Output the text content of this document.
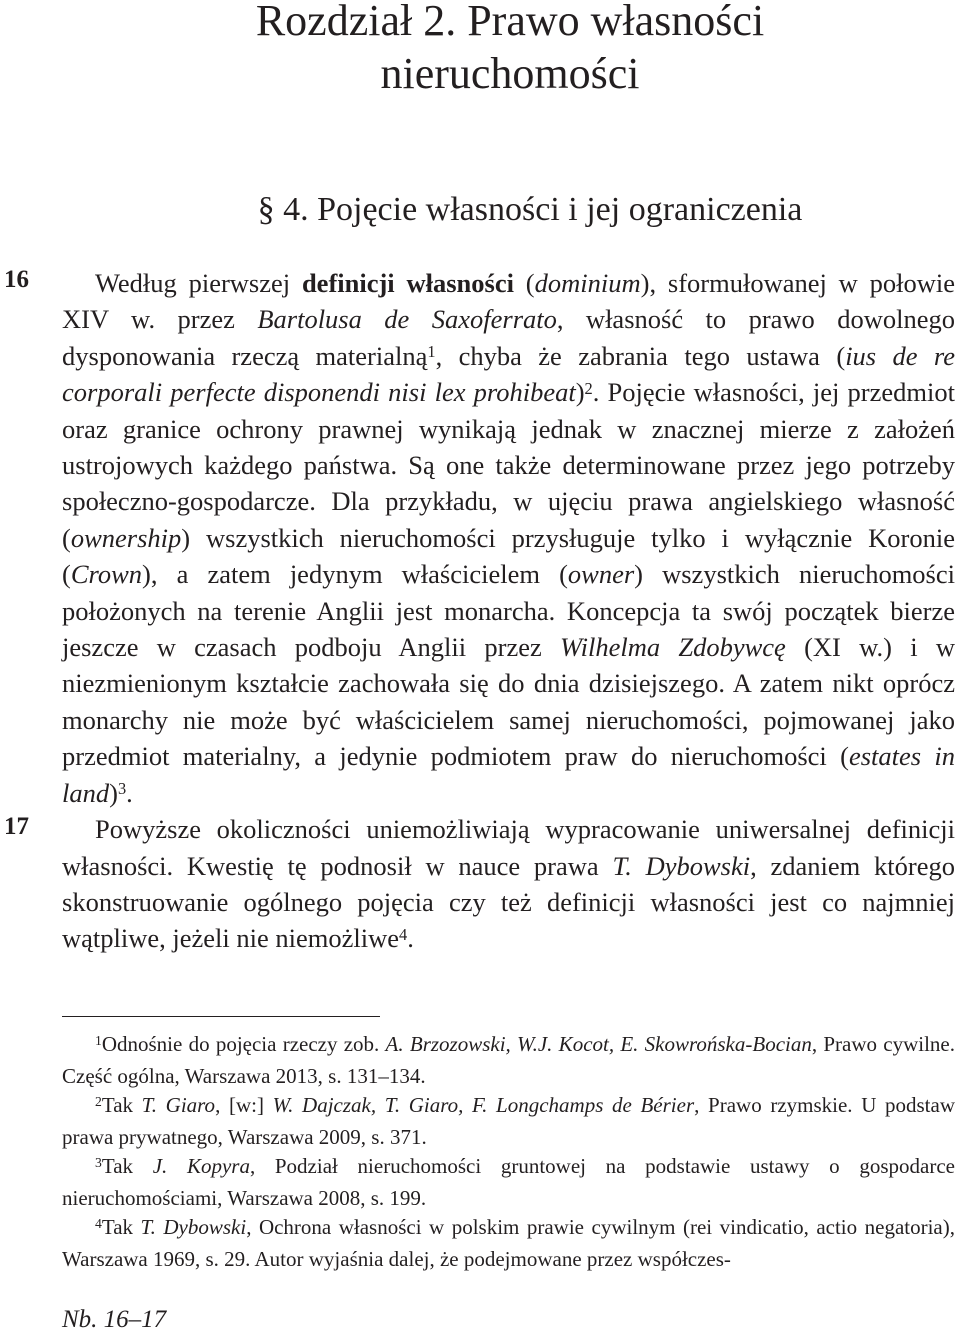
Rozdział 2. Prawo własności
nieruchomości
§ 4. Pojęcie własności i jej ograniczenia
16
17

Według pierwszej definicji własności (dominium), sformułowanej w połowie XIV w. przez Bartolusa de Saxoferrato, własność to prawo dowolnego dysponowania rzeczą materialną$^1$, chyba że zabrania tego ustawa (ius de re corporali perfecte disponendi nisi lex prohibeat)$^2$. Pojęcie własności, jej przedmiot oraz granice ochrony prawnej wynikają jednak w znacznej mierze z założeń ustrojowych każdego państwa. Są one także determinowane przez jego potrzeby społeczno-gospodarcze. Dla przykładu, w ujęciu prawa angielskiego własność (ownership) wszystkich nieruchomości przysługuje tylko i wyłącznie Koronie (Crown), a zatem jedynym właścicielem (owner) wszystkich nieruchomości położonych na terenie Anglii jest monarcha. Koncepcja ta swój początek bierze jeszcze w czasach podboju Anglii przez Wilhelma Zdobywcę (XI w.) i w niezmienionym kształcie zachowała się do dnia dzisiejszego. A zatem nikt oprócz monarchy nie może być właścicielem samej nieruchomości, pojmowanej jako przedmiot materialny, a jedynie podmiotem praw do nieruchomości (estates in land)$^3$.

Powyższe okoliczności uniemożliwiają wypracowanie uniwersalnej definicji własności. Kwestię tę podnosił w nauce prawa T. Dybowski, zdaniem którego skonstruowanie ogólnego pojęcia czy też definicji własności jest co najmniej wątpliwe, jeżeli nie niemożliwe$^4$.

$^1$Odnośnie do pojęcia rzeczy zob. A. Brzozowski, W.J. Kocot, E. Skowrońska-Bocian, Prawo cywilne. Część ogólna, Warszawa 2013, s. 131–134.

$^2$Tak T. Giaro, [w:] W. Dajczak, T. Giaro, F. Longchamps de Bérier, Prawo rzymskie. U podstaw prawa prywatnego, Warszawa 2009, s. 371.

$^3$Tak J. Kopyra, Podział nieruchomości gruntowej na podstawie ustawy o gospodarce nieruchomościami, Warszawa 2008, s. 199.

$^4$Tak T. Dybowski, Ochrona własności w polskim prawie cywilnym (rei vindicatio, actio negatoria), Warszawa 1969, s. 29. Autor wyjaśnia dalej, że podejmowane przez współczes-

Nb. 16–17
